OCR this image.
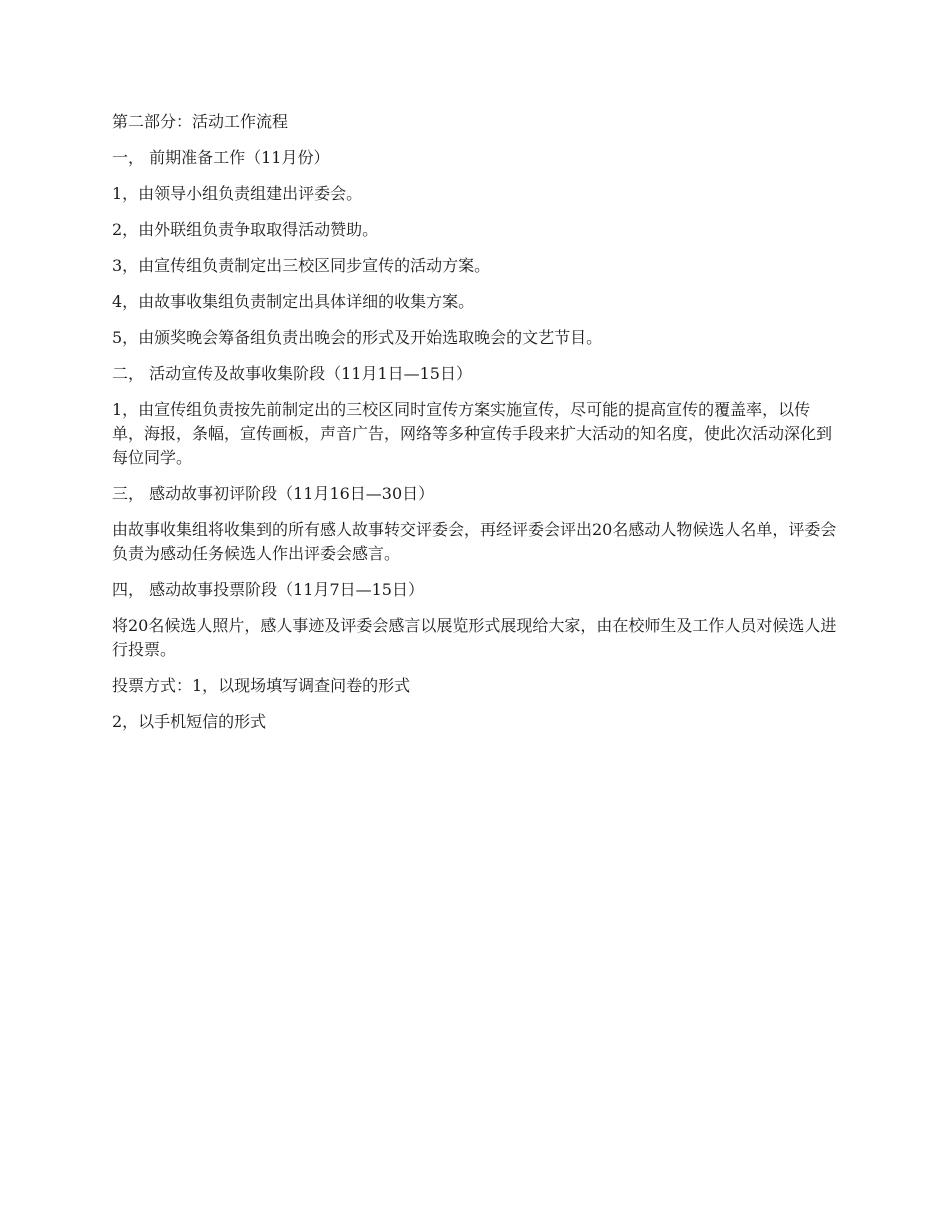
第二部分：活动工作流程

一， 前期准备工作（11月份）

1，由领导小组负责组建出评委会。

2，由外联组负责争取取得活动赞助。

3，由宣传组负责制定出三校区同步宣传的活动方案。

4，由故事收集组负责制定出具体详细的收集方案。

5，由颁奖晚会筹备组负责出晚会的形式及开始选取晚会的文艺节目。

二， 活动宣传及故事收集阶段（11月1日—15日）

1，由宣传组负责按先前制定出的三校区同时宣传方案实施宣传，尽可能的提高宣传的覆盖率，以传单，海报，条幅，宣传画板，声音广告，网络等多种宣传手段来扩大活动的知名度，使此次活动深化到每位同学。

三， 感动故事初评阶段（11月16日—30日）

由故事收集组将收集到的所有感人故事转交评委会，再经评委会评出20名感动人物候选人名单，评委会负责为感动任务候选人作出评委会感言。

四， 感动故事投票阶段（11月7日—15日）

将20名候选人照片，感人事迹及评委会感言以展览形式展现给大家，由在校师生及工作人员对候选人进行投票。

投票方式：1，以现场填写调查问卷的形式

2，以手机短信的形式
